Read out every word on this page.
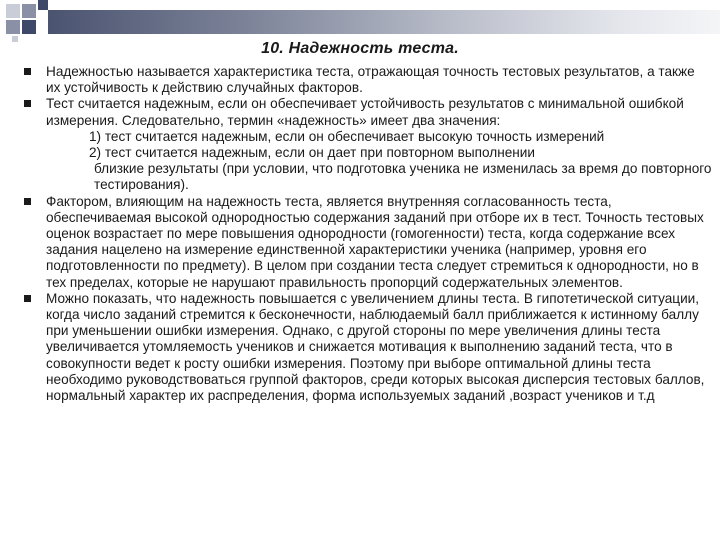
10. Надежность теста.
Надежностью называется характеристика теста, отражающая точность тестовых результатов, а также их устойчивость к действию случайных факторов.
Тест считается надежным, если он обеспечивает устойчивость результатов с минимальной ошибкой измерения. Следовательно, термин «надежность» имеет два значения:
1) тест считается надежным, если он обеспечивает высокую точность измерений
2) тест считается надежным, если он дает при повторном выполнении
близкие результаты (при условии, что подготовка ученика не изменилась за время до повторного тестирования).
Фактором, влияющим на надежность теста, является внутренняя согласованность теста, обеспечиваемая высокой однородностью содержания заданий при отборе их в тест. Точность тестовых оценок возрастает по мере повышения однородности (гомогенности) теста, когда содержание всех задания нацелено на измерение единственной характеристики ученика (например, уровня его подготовленности по предмету). В целом при создании теста следует стремиться к однородности, но в тех пределах, которые не нарушают правильность пропорций содержательных элементов.
Можно показать, что надежность повышается с увеличением длины теста. В гипотетической ситуации, когда число заданий стремится к бесконечности, наблюдаемый балл приближается к истинному баллу при уменьшении ошибки измерения. Однако, с другой стороны по мере увеличения длины теста увеличивается утомляемость учеников и снижается мотивация к выполнению заданий теста, что в совокупности ведет к росту ошибки измерения. Поэтому при выборе оптимальной длины теста необходимо руководствоваться группой факторов, среди которых высокая дисперсия тестовых баллов, нормальный характер их распределения, форма используемых заданий ,возраст учеников и т.д
